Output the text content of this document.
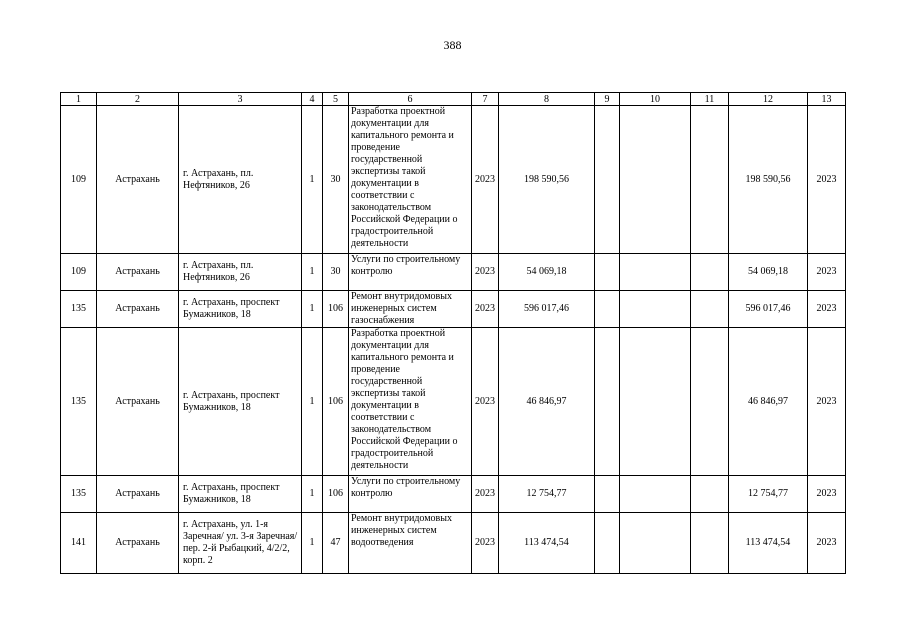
388
1	2	3	4	5	6	7	8	9	10	11	12	13
109	Астрахань	г. Астрахань, пл. Нефтяников, 26	1	30	Разработка проектной документации для капитального ремонта и проведение государственной экспертизы такой документации в соответствии с законодательством Российской Федерации о градостроительной деятельности	2023	198 590,56				198 590,56	2023
109	Астрахань	г. Астрахань, пл. Нефтяников, 26	1	30	Услуги по строительному контролю	2023	54 069,18				54 069,18	2023
135	Астрахань	г. Астрахань, проспект Бумажников, 18	1	106	Ремонт внутридомовых инженерных систем газоснабжения	2023	596 017,46				596 017,46	2023
135	Астрахань	г. Астрахань, проспект Бумажников, 18	1	106	Разработка проектной документации для капитального ремонта и проведение государственной экспертизы такой документации в соответствии с законодательством Российской Федерации о градостроительной деятельности	2023	46 846,97				46 846,97	2023
135	Астрахань	г. Астрахань, проспект Бумажников, 18	1	106	Услуги по строительному контролю	2023	12 754,77				12 754,77	2023
141	Астрахань	г. Астрахань, ул. 1-я Заречная/ ул. 3-я Заречная/ пер. 2-й Рыбацкий, 4/2/2, корп. 2	1	47	Ремонт внутридомовых инженерных систем водоотведения	2023	113 474,54				113 474,54	2023
